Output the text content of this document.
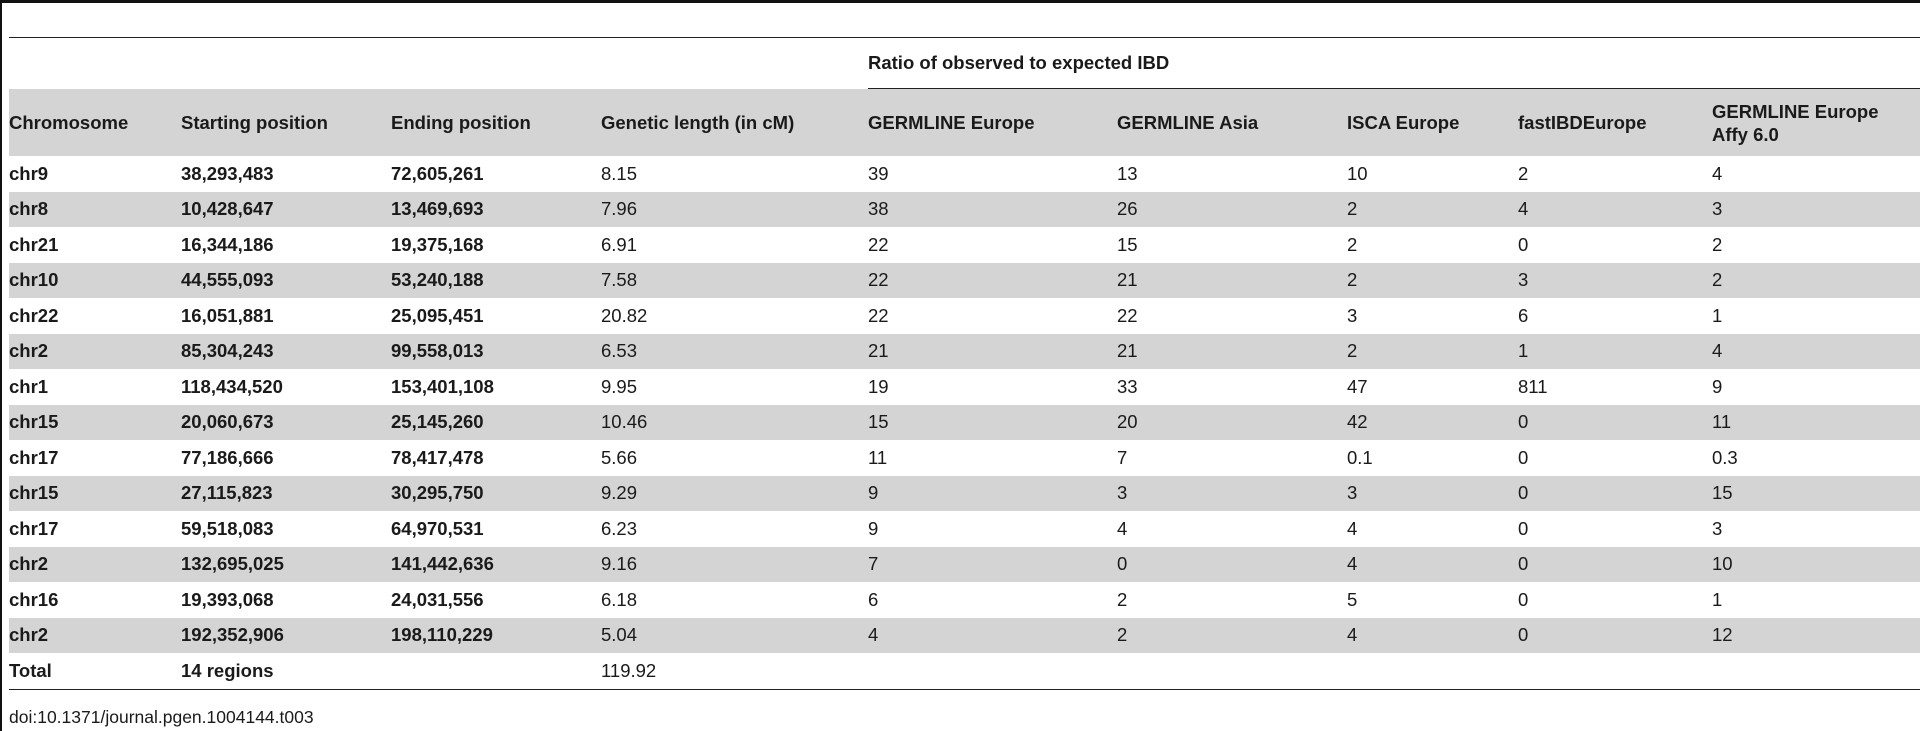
				Ratio of observed to expected IBD				
Chromosome	Starting position	Ending position	Genetic length (in cM)	GERMLINE Europe	GERMLINE Asia	ISCA Europe	fastIBDEurope	GERMLINE Europe Affy 6.0
chr9	38,293,483	72,605,261	8.15	39	13	10	2	4
chr8	10,428,647	13,469,693	7.96	38	26	2	4	3
chr21	16,344,186	19,375,168	6.91	22	15	2	0	2
chr10	44,555,093	53,240,188	7.58	22	21	2	3	2
chr22	16,051,881	25,095,451	20.82	22	22	3	6	1
chr2	85,304,243	99,558,013	6.53	21	21	2	1	4
chr1	118,434,520	153,401,108	9.95	19	33	47	811	9
chr15	20,060,673	25,145,260	10.46	15	20	42	0	11
chr17	77,186,666	78,417,478	5.66	11	7	0.1	0	0.3
chr15	27,115,823	30,295,750	9.29	9	3	3	0	15
chr17	59,518,083	64,970,531	6.23	9	4	4	0	3
chr2	132,695,025	141,442,636	9.16	7	0	4	0	10
chr16	19,393,068	24,031,556	6.18	6	2	5	0	1
chr2	192,352,906	198,110,229	5.04	4	2	4	0	12
Total	14 regions		119.92					
doi:10.1371/journal.pgen.1004144.t003
